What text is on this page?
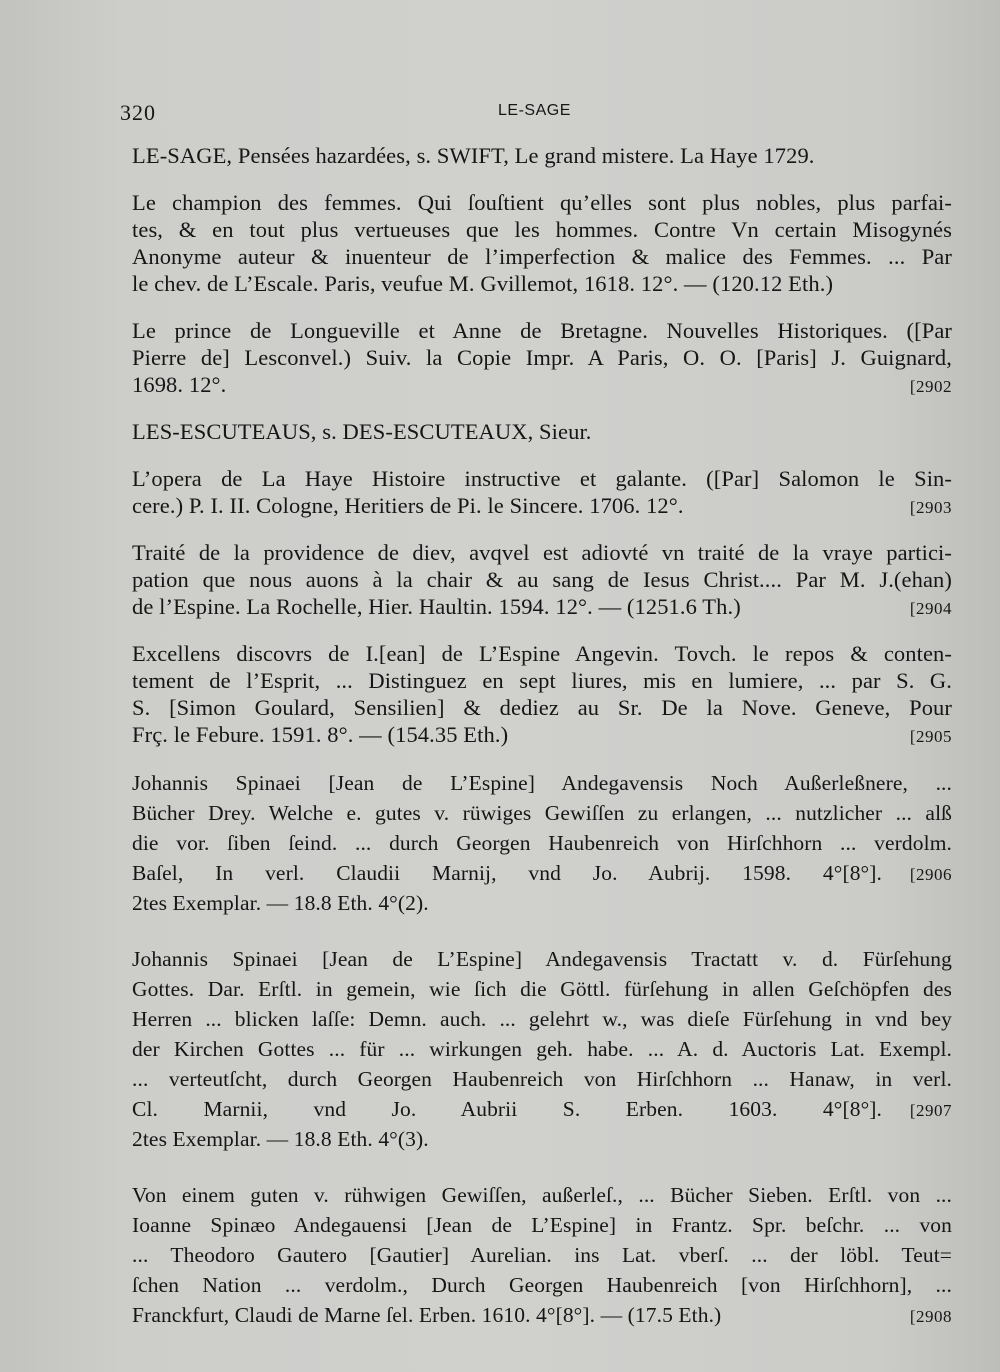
320	LE-SAGE
LE-SAGE, Pensées hazardées, s. SWIFT, Le grand mistere. La Haye 1729.
Le champion des femmes. Qui ſouſtient qu’elles sont plus nobles, plus parfai-
tes, & en tout plus vertueuses que les hommes. Contre Vn certain Misogynés
Anonyme auteur & inuenteur de l’imperfection & malice des Femmes. ... Par
le chev. de L’Escale. Paris, veufue M. Gvillemot, 1618. 12°. — (120.12 Eth.)
Le prince de Longueville et Anne de Bretagne. Nouvelles Historiques. ([Par
Pierre de] Lesconvel.) Suiv. la Copie Impr. A Paris, O. O. [Paris] J. Guignard,
1698. 12°.	[2902
LES-ESCUTEAUS, s. DES-ESCUTEAUX, Sieur.
L’opera de La Haye Histoire instructive et galante. ([Par] Salomon le Sin-
cere.) P. I. II. Cologne, Heritiers de Pi. le Sincere. 1706. 12°.	[2903
Traité de la providence de diev, avqvel est adiovté vn traité de la vraye partici-
pation que nous auons à la chair & au sang de Iesus Christ.... Par M. J.(ehan)
de l’Espine. La Rochelle, Hier. Haultin. 1594. 12°. — (1251.6 Th.)	[2904
Excellens discovrs de I.[ean] de L’Espine Angevin. Tovch. le repos & conten-
tement de l’Esprit, ... Distinguez en sept liures, mis en lumiere, ... par S. G.
S. [Simon Goulard, Sensilien] & dediez au Sr. De la Nove. Geneve, Pour
Frç. le Febure. 1591. 8°. — (154.35 Eth.)	[2905
Johannis Spinaei [Jean de L’Espine] Andegavensis Noch Außerleßnere, ...
Bücher Drey. Welche e. gutes v. rüwiges Gewiſſen zu erlangen, ... nutzlicher ... alß
die vor. ſiben ſeind. ... durch Georgen Haubenreich von Hirſchhorn ... verdolm.
Baſel, In verl. Claudii Marnij, vnd Jo. Aubrij. 1598. 4°[8°]. [2906
2tes Exemplar. — 18.8 Eth. 4°(2).
Johannis Spinaei [Jean de L’Espine] Andegavensis Tractatt v. d. Fürſehung
Gottes. Dar. Erſtl. in gemein, wie ſich die Göttl. fürſehung in allen Geſchöpfen des
Herren ... blicken laſſe: Demn. auch. ... gelehrt w., was dieſe Fürſehung in vnd bey
der Kirchen Gottes ... für ... wirkungen geh. habe. ... A. d. Auctoris Lat. Exempl.
... verteutſcht, durch Georgen Haubenreich von Hirſchhorn ... Hanaw, in verl.
Cl. Marnii, vnd Jo. Aubrii S. Erben. 1603. 4°[8°]. [2907
2tes Exemplar. — 18.8 Eth. 4°(3).
Von einem guten v. rühwigen Gewiſſen, außerleſ., ... Bücher Sieben. Erſtl. von ...
Ioanne Spinæo Andegauensi [Jean de L’Espine] in Frantz. Spr. beſchr. ... von
... Theodoro Gautero [Gautier] Aurelian. ins Lat. vberſ. ... der löbl. Teut=
ſchen Nation ... verdolm., Durch Georgen Haubenreich [von Hirſchhorn], ...
Franckfurt, Claudi de Marne ſel. Erben. 1610. 4°[8°]. — (17.5 Eth.)	[2908
